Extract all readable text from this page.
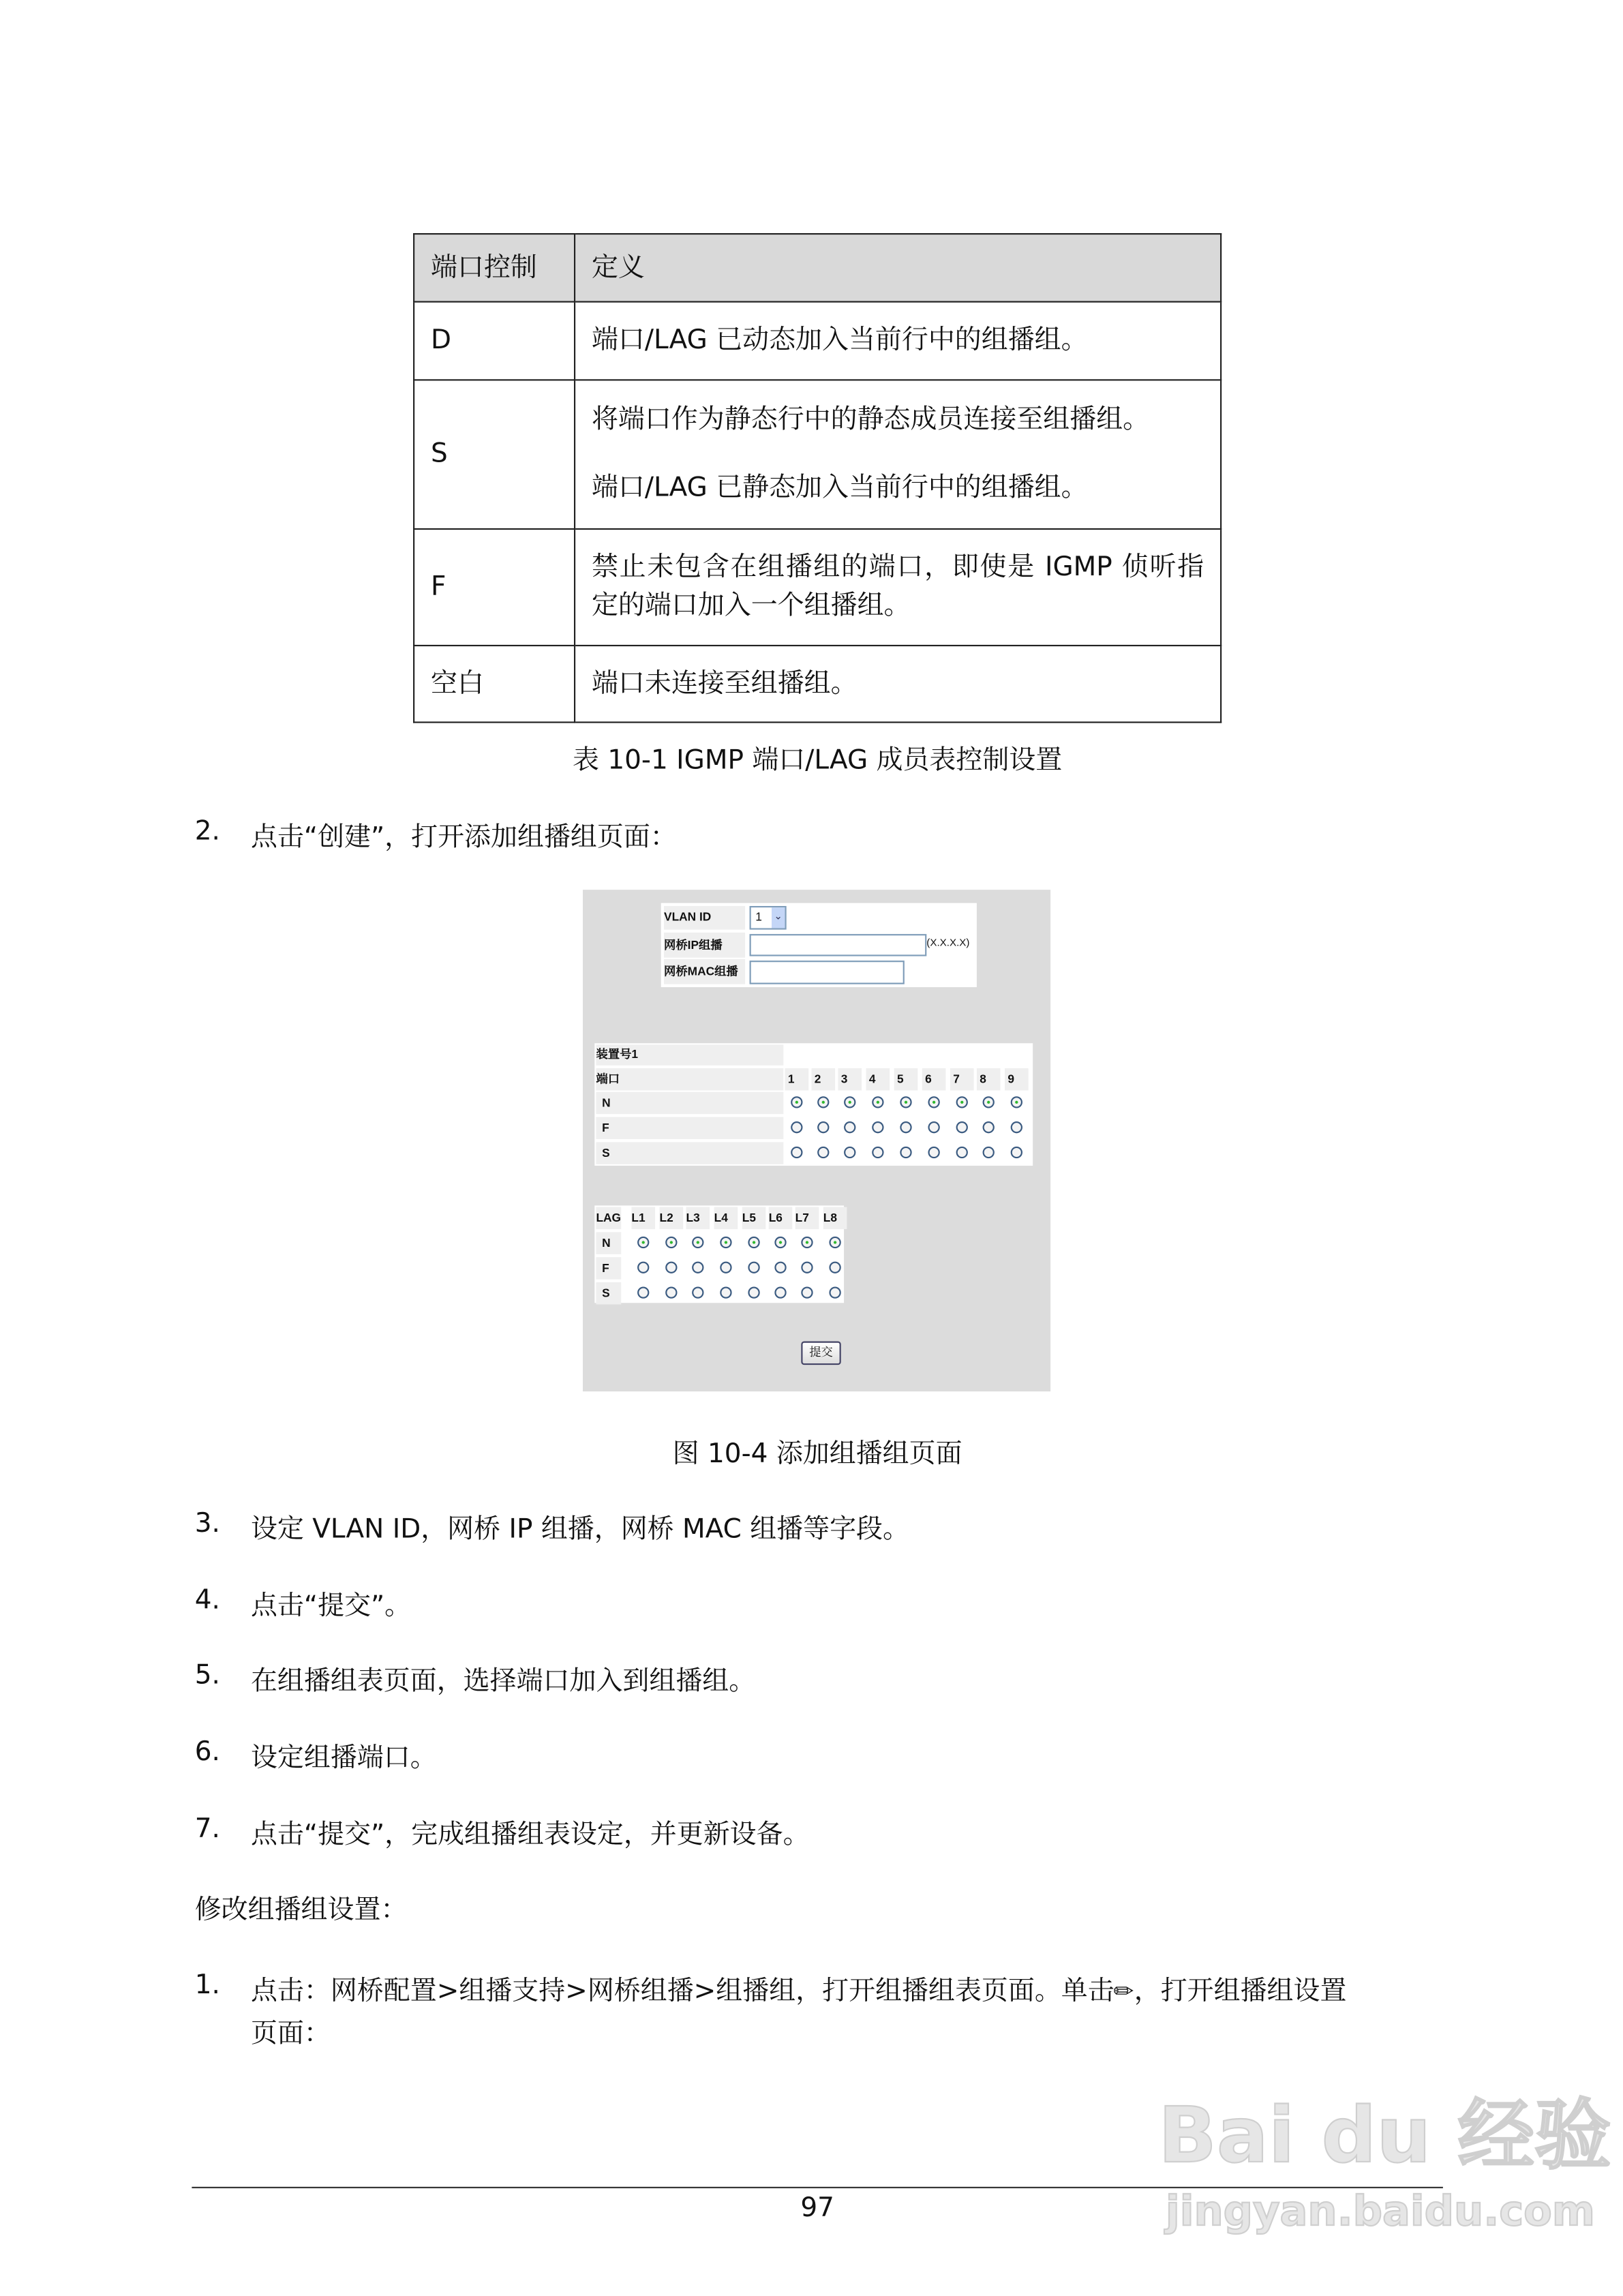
端口控制	定义
D	端口/LAG 已动态加入当前行中的组播组。
S	将端口作为静态行中的静态成员连接至组播组。
端口/LAG 已静态加入当前行中的组播组。

F	禁止未包含在组播组的端口，即使是 IGMP 侦听指定的端口加入一个组播组。
空白	端口未连接至组播组。
表 10-1 IGMP 端口/LAG 成员表控制设置
2.	点击“创建”，打开添加组播组页面：
VLAN ID	1	⌄
网桥IP组播	(X.X.X.X)
网桥MAC组播
提交
装置号1
端口	1	2	3	4	5	6	7	8	9
N
F
S
LAG L1	L2	L3	L4	L5	L6	L7	L8
N
F
S
图 10-4 添加组播组页面
修改组播组设置：
1.	点击：网桥配置>组播支持>网桥组播>组播组，打开组播组表页面。单击✎，打开组播组设置
页面：
97
Bai du 经验
jingyan.baidu.com
3.	设定 VLAN ID，网桥 IP 组播，网桥 MAC 组播等字段。
4.	点击“提交”。
5.	在组播组表页面，选择端口加入到组播组。
6.	设定组播端口。
7.	点击“提交”，完成组播组表设定，并更新设备。
